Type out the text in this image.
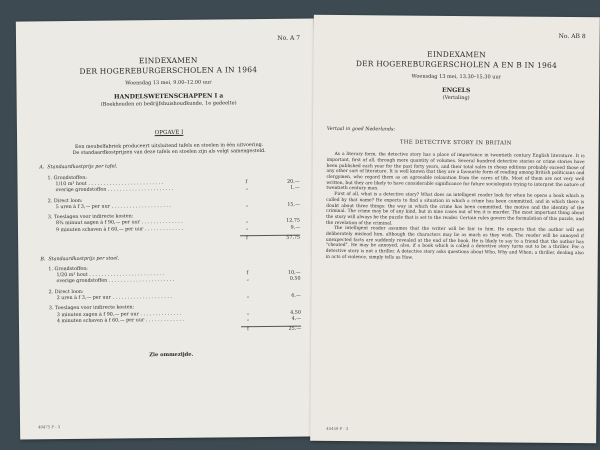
No. A 7
EINDEXAMEN
DER HOGEREBURGERSCHOLEN A IN 1964
Woensdag 13 mei, 9.00–12.00 uur
HANDELSWETENSCHAPPEN I a
(Boekhouden en bedrijfshuishoudkunde, 1e gedeelte)
OPGAVE I
Een meubelfabriek produceert uitsluitend tafels en stoelen in één uitvoering.
De standaardkostprijzen van deze tafels en stoelen zijn als volgt samengesteld.
A. Standaardkostprijs per tafel.
1. Grondstoffen:
1/10 m³ hout . . . . . . . . . . . . . . . . . . . . . . . . .	f	20,—
overige grondstoffen . . . . . . . . . . . . . . . . . . . . . .	„	1,—
2. Direct loon:
5 uren à f 3,— per uur . . . . . . . . . . . . . . . . . . . .	„	15,—
3. Toeslagen voor indirecte kosten:
8¾ minuut aagen à f 90,— per uur . . . . . . . . . . . . . .	„	12,75
9 minuten schaven à f 60,— per uur . . . . . . . . . . . . .	„	9,—
f	57,75
B. Standaardkostprijs per stoel.
1. Grondstoffen:
1/20 m³ hout . . . . . . . . . . . . . . . . . . . . . . . . .	f	10,—
overige grondstoffen . . . . . . . . . . . . . . . . . . . . . .	„	0,50
2. Direct loon:
2 uren à f 3,— per uur . . . . . . . . . . . . . . . . . . . .	„	6,—
3. Toeslagen voor indirecte kosten:
3 minuten zagen à f 90,— per uur . . . . . . . . . . . . . .	„	4,50
4 minuten schaven à f 60,— per uur . . . . . . . . . . . . .	„	4,—
f	25,—
Zie ommezijde.
40475 P - 3
No. AB 8
EINDEXAMEN
DER HOGEREBURGERSCHOLEN A EN B IN 1964
Woensdag 13 mei, 13.30–15.30 uur
ENGELS
(Vertaling)
Vertaal in goed Nederlands:
THE DETECTIVE STORY IN BRITAIN

As a literary form, the detective story has a place of importance in twentieth century English literature. It is important, first of all, through mere quantity of volumes. Several hundred detective stories or crime stories have been published each year for the past forty years, and their total sales in cheap editions probably exceed those of any other sort of literature. It is well known that they are a favourite form of reading among British politicians and clergymen, who regard them as an agreeable relaxation from the cares of life. Most of them are not very well written, but they are likely to have considerable significance for future sociologists trying to interpret the nature of twentieth century man.

First of all, what is a detective story? What does an intelligent reader look for when he opens a book which is called by that name? He expects to find a situation in which a crime has been committed, and in which there is doubt about three things: the way in which the crime has been committed, the motive and the identity of the criminal. The crime may be of any kind, but in nine cases out of ten it is murder. The most important thing about the story will always be the puzzle that is set to the reader. Certain rules govern the formulation of this puzzle, and the revelation of the criminal.

The intelligent reader assumes that the writer will be fair to him. He expects that the author will not deliberately mislead him, although the characters may lie as much as they wish. The reader will be annoyed if unexpected facts are suddenly revealed at the end of the book. He is likely to say to a friend that the author has "cheated". He may be annoyed, also, if a book which is called a detective story turns out to be a thriller. For a detective story is not a thriller. A detective story asks questions about Who, Why and When; a thriller, dealing also in acts of violence, simply tells us How.

40459 P - 3
